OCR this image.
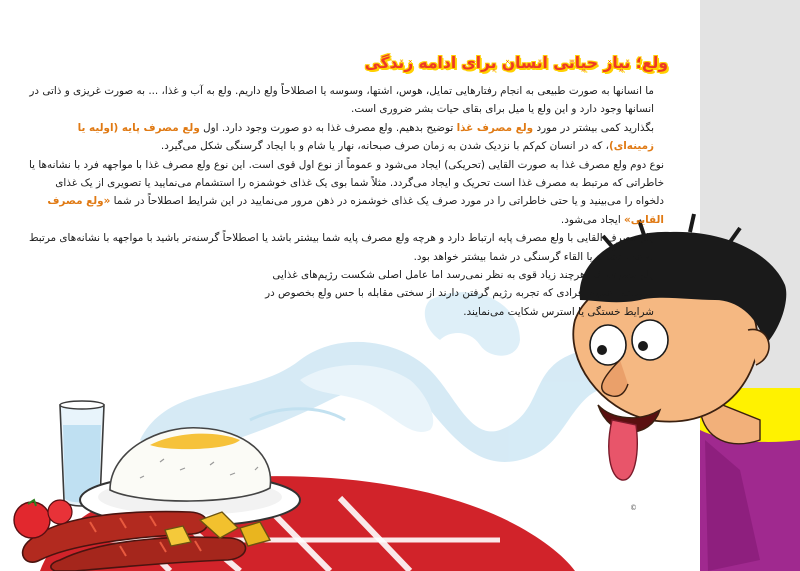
©
ولع؛ نیاز حیاتی انسان برای ادامه زندگی

ما انسانها به صورت طبیعی به انجام رفتارهایی تمایل، هوس، اشتها، وسوسه یا اصطلاحاً ولع داریم. ولع به آب و غذا، ... به صورت غریزی و ذاتی در انسانها وجود دارد و این ولع یا میل برای بقای حیات بشر ضروری است.

بگذارید کمی بیشتر در مورد ولع مصرف غذا توضیح بدهیم. ولع مصرف غذا به دو صورت وجود دارد. اول ولع مصرف پایه (اولیه یا زمینه‌ای)، که در انسان کم‌کم با نزدیک شدن به زمان صرف صبحانه، نهار یا شام و با ایجاد گرسنگی شکل می‌گیرد.

نوع دوم ولع مصرف غذا به صورت القایی (تحریکی) ایجاد می‌شود و عموماً از نوع اول قوی است. این نوع ولع مصرف غذا با مواجهه فرد با نشانه‌ها یا خاطراتی که مرتبط به مصرف غذا است تحریک و ایجاد می‌گردد. مثلاً شما بوی یک غذای خوشمزه را استشمام می‌نمایید یا تصویری از یک غذای دلخواه را می‌بینید و یا حتی خاطراتی را در مورد صرف یک غذای خوشمزه در ذهن مرور می‌نمایید در این شرایط اصطلاحاً در شما «ولع مصرف القایی» ایجاد می‌شود.

ولع مصرف القایی با ولع مصرف پایه ارتباط دارد و هرچه ولع مصرف پایه شما بیشتر باشد یا اصطلاحاً گرسنه‌تر باشید با مواجهه با نشانه‌های مرتبط به غذا، تشدید یا القاء گرسنگی در شما بیشتر خواهد بود.

ولع مصرف غذا هرچند زیاد قوی به نظر نمی‌رسد اما عامل اصلی شکست رژیم‌های غذایی می‌باشد. عموم افرادی که تجربه رژیم گرفتن دارند از سختی مقابله با حس ولع بخصوص در شرایط خستگی یا استرس شکایت می‌نمایند.
